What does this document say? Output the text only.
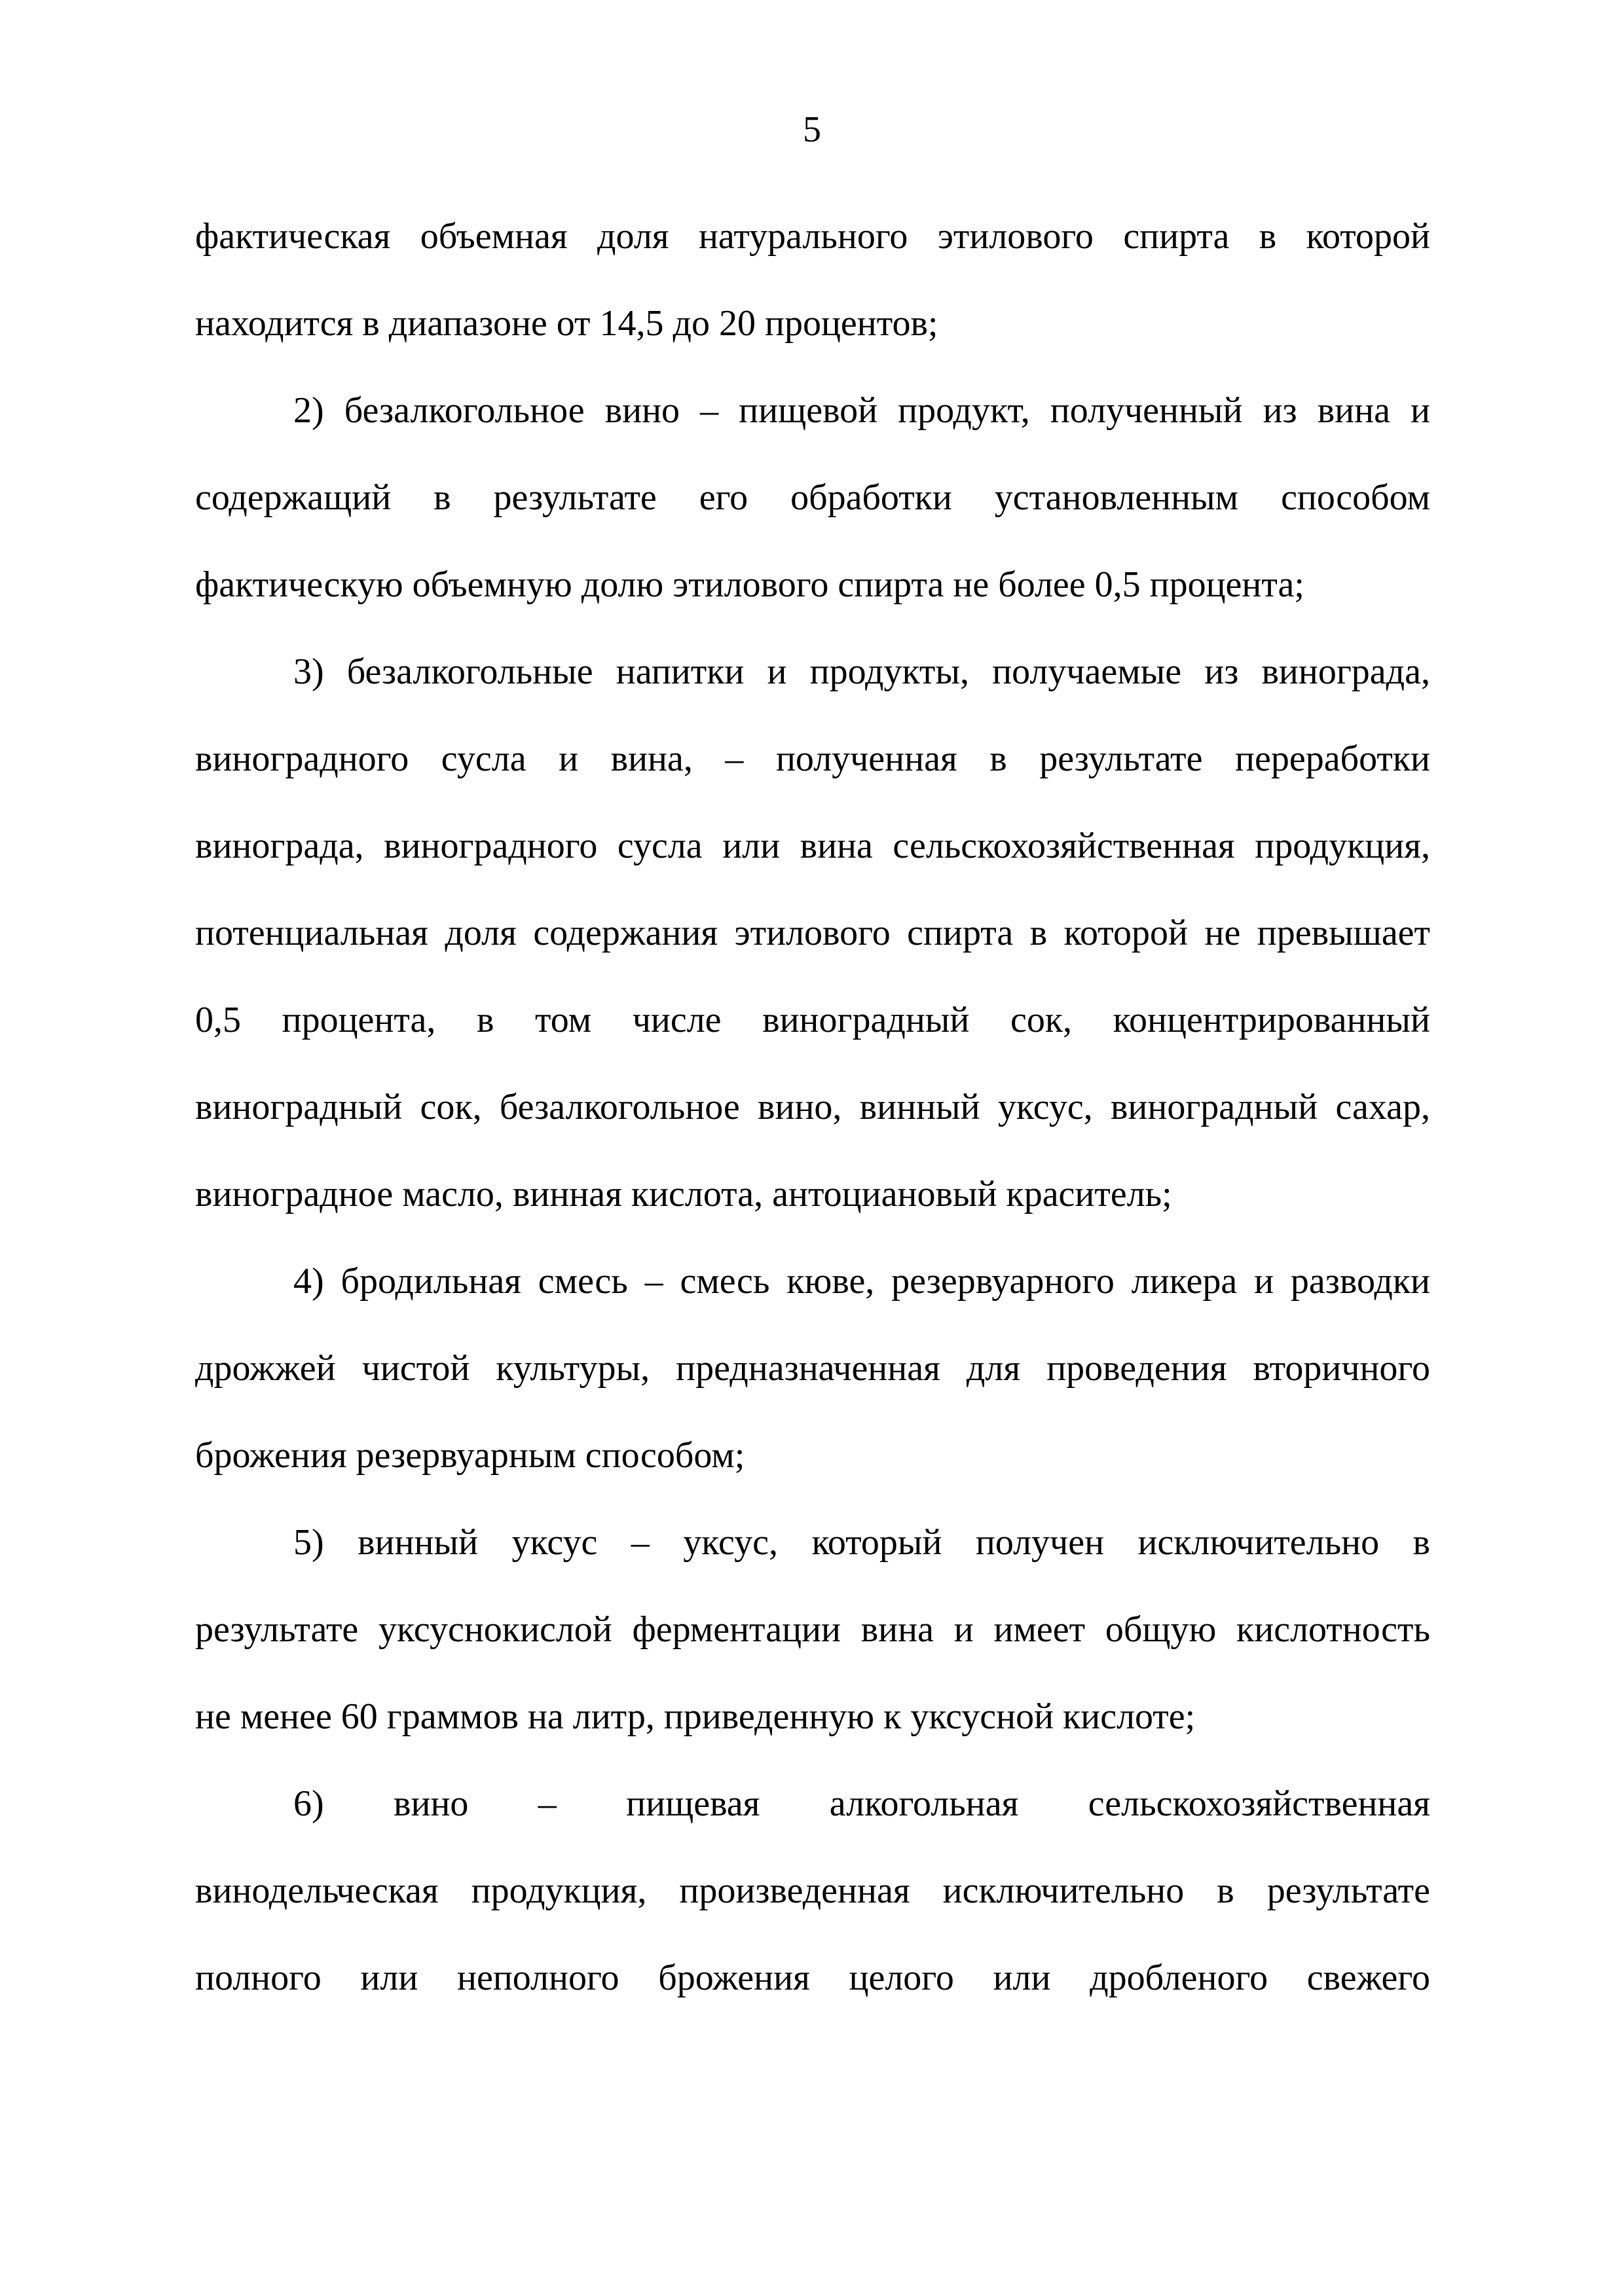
5
фактическая объемная доля натурального этилового спирта в которой
находится в диапазоне от 14,5 до 20 процентов;
2) безалкогольное вино – пищевой продукт, полученный из вина и
содержащий в результате его обработки установленным способом
фактическую объемную долю этилового спирта не более 0,5 процента;
3) безалкогольные напитки и продукты, получаемые из винограда,
виноградного сусла и вина, – полученная в результате переработки
винограда, виноградного сусла или вина сельскохозяйственная продукция,
потенциальная доля содержания этилового спирта в которой не превышает
0,5 процента, в том числе виноградный сок, концентрированный
виноградный сок, безалкогольное вино, винный уксус, виноградный сахар,
виноградное масло, винная кислота, антоциановый краситель;
4) бродильная смесь – смесь кюве, резервуарного ликера и разводки
дрожжей чистой культуры, предназначенная для проведения вторичного
брожения резервуарным способом;
5) винный уксус – уксус, который получен исключительно в
результате уксуснокислой ферментации вина и имеет общую кислотность
не менее 60 граммов на литр, приведенную к уксусной кислоте;
6) вино – пищевая алкогольная сельскохозяйственная
винодельческая продукция, произведенная исключительно в результате
полного или неполного брожения целого или дробленого свежего
